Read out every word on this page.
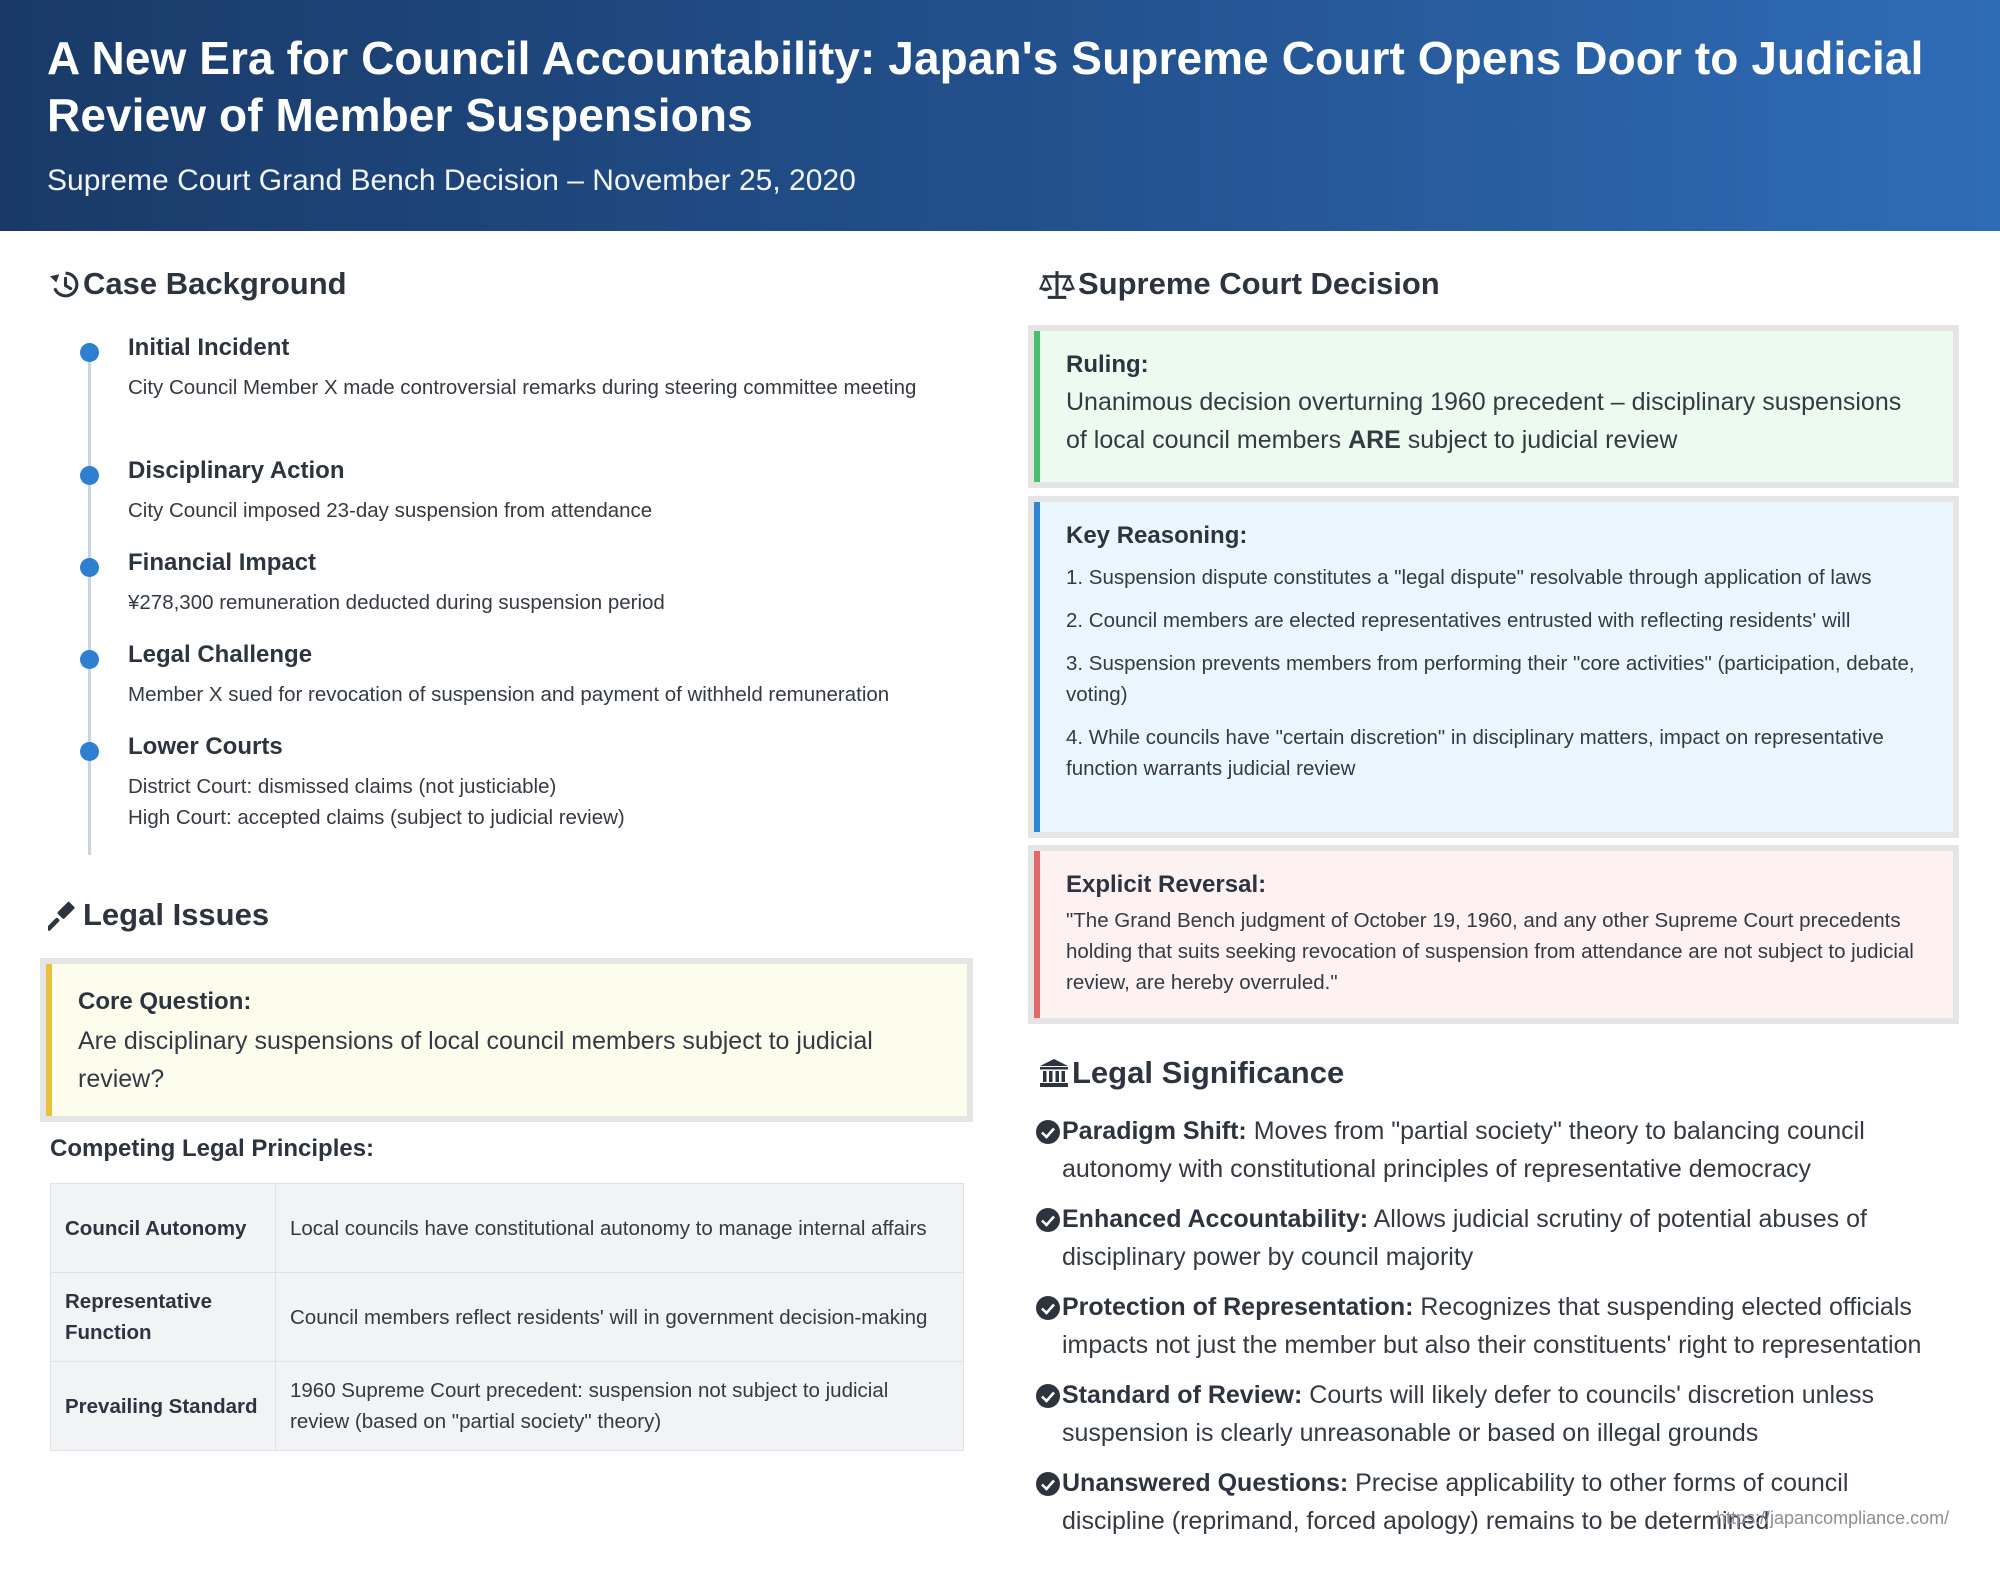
A New Era for Council Accountability: Japan's Supreme Court Opens Door to Judicial Review of Member Suspensions
Supreme Court Grand Bench Decision – November 25, 2020
Case Background
Initial Incident
City Council Member X made controversial remarks during steering committee meeting
Disciplinary Action
City Council imposed 23-day suspension from attendance
Financial Impact
¥278,300 remuneration deducted during suspension period
Legal Challenge
Member X sued for revocation of suspension and payment of withheld remuneration
Lower Courts
District Court: dismissed claims (not justiciable)
High Court: accepted claims (subject to judicial review)
Legal Issues
Core Question:
Are disciplinary suspensions of local council members subject to judicial review?
Competing Legal Principles:
Council Autonomy	Local councils have constitutional autonomy to manage internal affairs
Representative Function	Council members reflect residents' will in government decision-making
Prevailing Standard	1960 Supreme Court precedent: suspension not subject to judicial review (based on "partial society" theory)
Supreme Court Decision
Ruling:
Unanimous decision overturning 1960 precedent – disciplinary suspensions of local council members ARE subject to judicial review
Key Reasoning:
1. Suspension dispute constitutes a "legal dispute" resolvable through application of laws
2. Council members are elected representatives entrusted with reflecting residents' will
3. Suspension prevents members from performing their "core activities" (participation, debate, voting)
4. While councils have "certain discretion" in disciplinary matters, impact on representative function warrants judicial review
Explicit Reversal:
"The Grand Bench judgment of October 19, 1960, and any other Supreme Court precedents holding that suits seeking revocation of suspension from attendance are not subject to judicial review, are hereby overruled."
Legal Significance
Paradigm Shift: Moves from "partial society" theory to balancing council autonomy with constitutional principles of representative democracy
Enhanced Accountability: Allows judicial scrutiny of potential abuses of disciplinary power by council majority
Protection of Representation: Recognizes that suspending elected officials impacts not just the member but also their constituents' right to representation
Standard of Review: Courts will likely defer to councils' discretion unless suspension is clearly unreasonable or based on illegal grounds
Unanswered Questions: Precise applicability to other forms of council discipline (reprimand, forced apology) remains to be determined
https://japancompliance.com/
